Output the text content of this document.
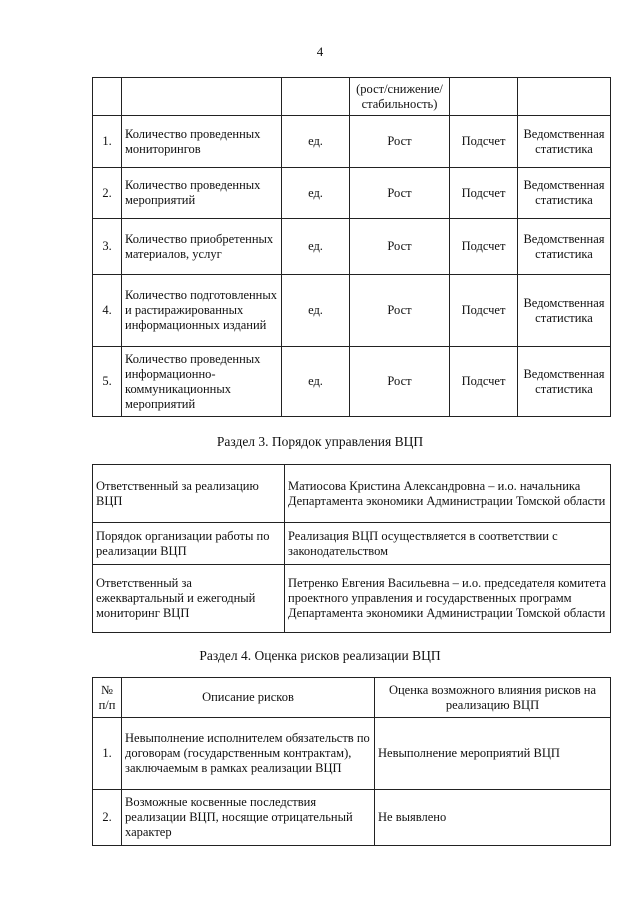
4
			(рост/снижение/ стабильность)		
1.	Количество проведенных мониторингов	ед.	Рост	Подсчет	Ведомственная статистика
2.	Количество проведенных мероприятий	ед.	Рост	Подсчет	Ведомственная статистика
3.	Количество приобретенных материалов, услуг	ед.	Рост	Подсчет	Ведомственная статистика
4.	Количество подготовленных и растиражированных информационных изданий	ед.	Рост	Подсчет	Ведомственная статистика
5.	Количество проведенных информационно-коммуникационных мероприятий	ед.	Рост	Подсчет	Ведомственная статистика
Раздел 3. Порядок управления ВЦП
Ответственный за реализацию ВЦП	Матиосова Кристина Александровна – и.о. начальника Департамента экономики Администрации Томской области
Порядок организации работы по реализации ВЦП	Реализация ВЦП осуществляется в соответствии с законодательством
Ответственный за ежеквартальный и ежегодный мониторинг ВЦП	Петренко Евгения Васильевна – и.о. председателя комитета проектного управления и государственных программ Департамента экономики Администрации Томской области
Раздел 4. Оценка рисков реализации ВЦП
№ п/п	Описание рисков	Оценка возможного влияния рисков на реализацию ВЦП
1.	Невыполнение исполнителем обязательств по договорам (государственным контрактам), заключаемым в рамках реализации ВЦП	Невыполнение мероприятий ВЦП
2.	Возможные косвенные последствия реализации ВЦП, носящие отрицательный характер	Не выявлено
